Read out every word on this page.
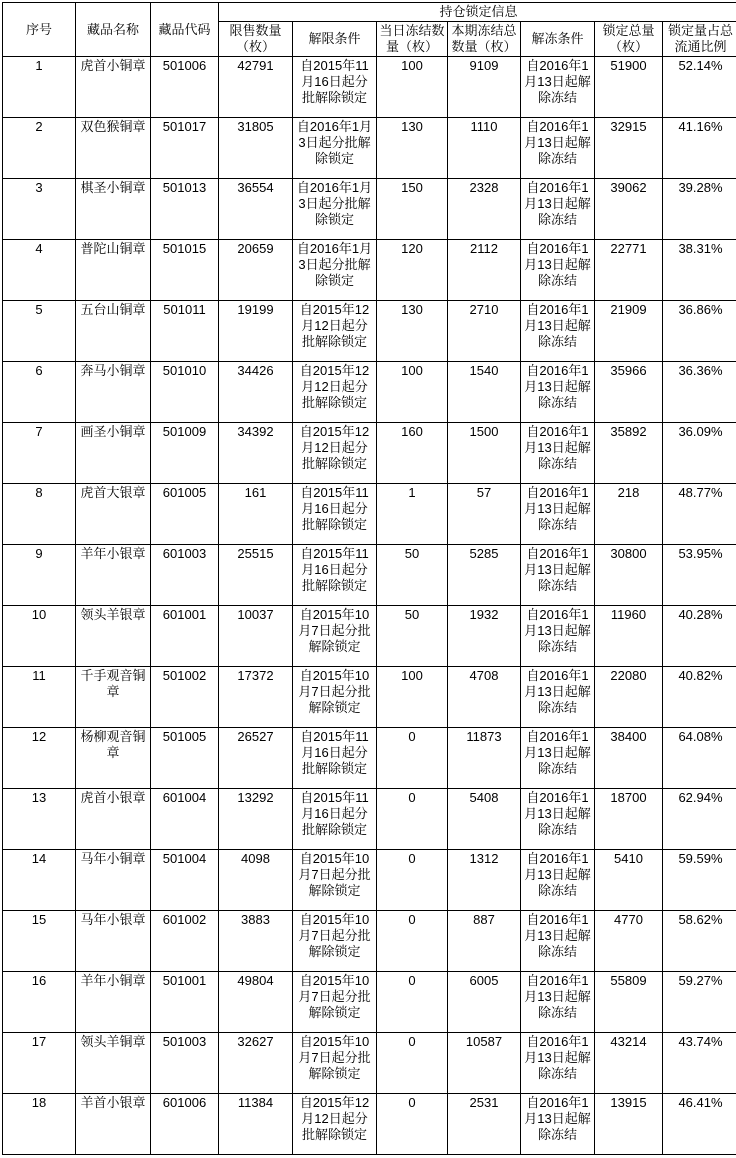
序号	藏品名称	藏品代码	持仓锁定信息						
			限售数量（枚）	解限条件	当日冻结数量（枚）	本期冻结总数量（枚）	解冻条件	锁定总量（枚）	锁定量占总流通比例
1	虎首小铜章	501006	42791	自2015年11月16日起分批解除锁定	100	9109	自2016年1月13日起解除冻结	51900	52.14%
2	双色猴铜章	501017	31805	自2016年1月3日起分批解除锁定	130	1110	自2016年1月13日起解除冻结	32915	41.16%
3	棋圣小铜章	501013	36554	自2016年1月3日起分批解除锁定	150	2328	自2016年1月13日起解除冻结	39062	39.28%
4	普陀山铜章	501015	20659	自2016年1月3日起分批解除锁定	120	2112	自2016年1月13日起解除冻结	22771	38.31%
5	五台山铜章	501011	19199	自2015年12月12日起分批解除锁定	130	2710	自2016年1月13日起解除冻结	21909	36.86%
6	奔马小铜章	501010	34426	自2015年12月12日起分批解除锁定	100	1540	自2016年1月13日起解除冻结	35966	36.36%
7	画圣小铜章	501009	34392	自2015年12月12日起分批解除锁定	160	1500	自2016年1月13日起解除冻结	35892	36.09%
8	虎首大银章	601005	161	自2015年11月16日起分批解除锁定	1	57	自2016年1月13日起解除冻结	218	48.77%
9	羊年小银章	601003	25515	自2015年11月16日起分批解除锁定	50	5285	自2016年1月13日起解除冻结	30800	53.95%
10	领头羊银章	601001	10037	自2015年10月7日起分批解除锁定	50	1932	自2016年1月13日起解除冻结	11960	40.28%
11	千手观音铜章	501002	17372	自2015年10月7日起分批解除锁定	100	4708	自2016年1月13日起解除冻结	22080	40.82%
12	杨柳观音铜章	501005	26527	自2015年11月16日起分批解除锁定	0	11873	自2016年1月13日起解除冻结	38400	64.08%
13	虎首小银章	601004	13292	自2015年11月16日起分批解除锁定	0	5408	自2016年1月13日起解除冻结	18700	62.94%
14	马年小铜章	501004	4098	自2015年10月7日起分批解除锁定	0	1312	自2016年1月13日起解除冻结	5410	59.59%
15	马年小银章	601002	3883	自2015年10月7日起分批解除锁定	0	887	自2016年1月13日起解除冻结	4770	58.62%
16	羊年小铜章	501001	49804	自2015年10月7日起分批解除锁定	0	6005	自2016年1月13日起解除冻结	55809	59.27%
17	领头羊铜章	501003	32627	自2015年10月7日起分批解除锁定	0	10587	自2016年1月13日起解除冻结	43214	43.74%
18	羊首小银章	601006	11384	自2015年12月12日起分批解除锁定	0	2531	自2016年1月13日起解除冻结	13915	46.41%
